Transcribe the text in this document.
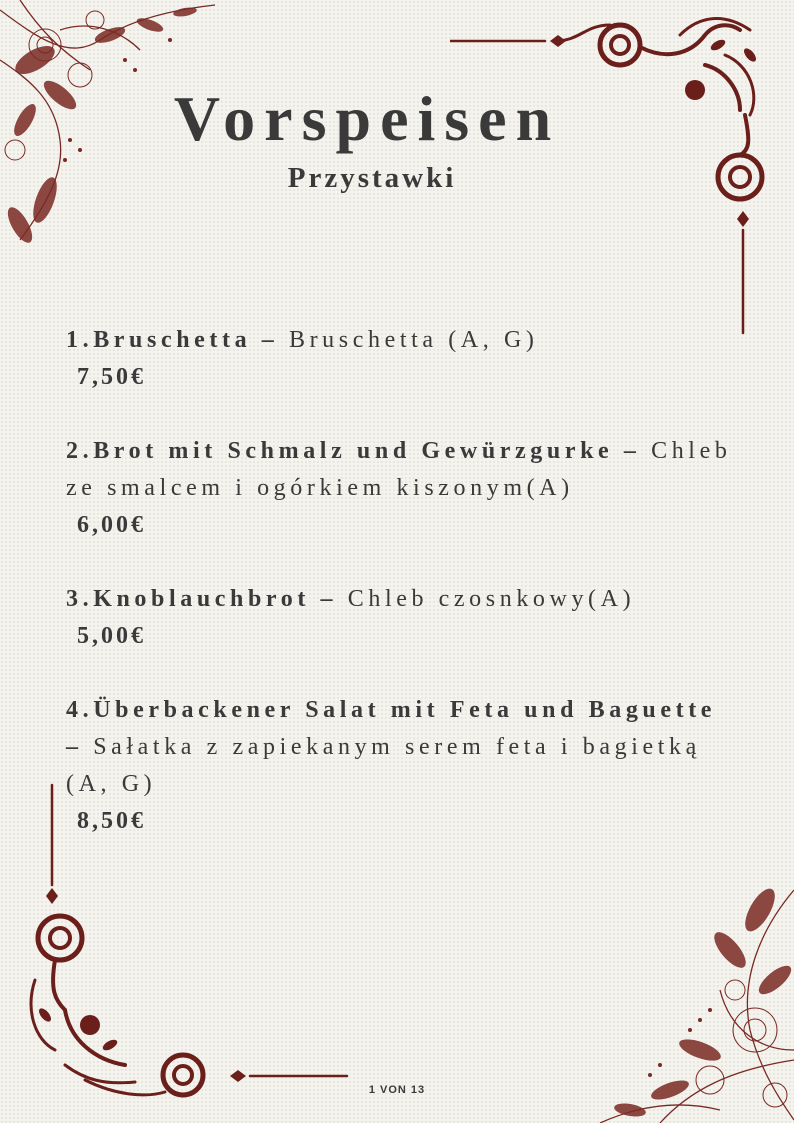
Vorspeisen
Przystawki
1.Bruschetta – Bruschetta (A, G)
7,50€
2.Brot mit Schmalz und Gewürzgurke – Chleb ze smalcem i ogórkiem kiszonym(A)
6,00€
3.Knoblauchbrot – Chleb czosnkowy(A)
5,00€
4.Überbackener Salat mit Feta und Baguette – Sałatka z zapiekanym serem feta i bagietką (A, G)
8,50€
1 VON 13
